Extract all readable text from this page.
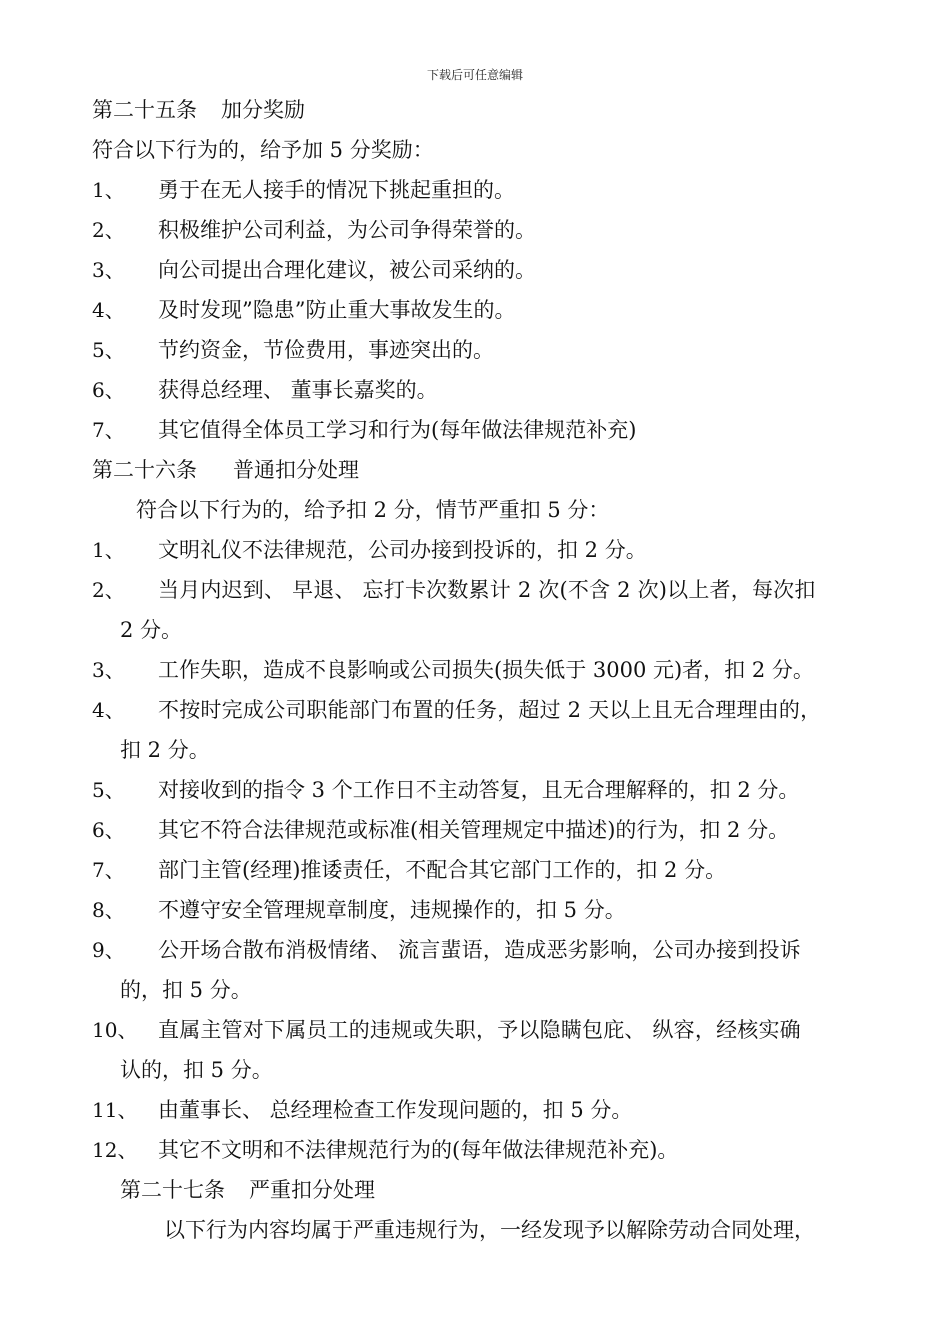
下载后可任意编辑
第二十五条 加分奖励
符合以下行为的，给予加 5 分奖励：
1、	勇于在无人接手的情况下挑起重担的。
2、	积极维护公司利益，为公司争得荣誉的。
3、	向公司提出合理化建议，被公司采纳的。
4、	及时发现”隐患”防止重大事故发生的。
5、	节约资金，节俭费用，事迹突出的。
6、	获得总经理、 董事长嘉奖的。
7、	其它值得全体员工学习和行为(每年做法律规范补充)
第二十六条 普通扣分处理
符合以下行为的，给予扣 2 分，情节严重扣 5 分：
1、	文明礼仪不法律规范，公司办接到投诉的，扣 2 分。
2、	当月内迟到、 早退、 忘打卡次数累计 2 次(不含 2 次)以上者，每次扣
2 分。
3、	工作失职，造成不良影响或公司损失(损失低于 3000 元)者，扣 2 分。
4、	不按时完成公司职能部门布置的任务，超过 2 天以上且无合理理由的，
扣 2 分。
5、	对接收到的指令 3 个工作日不主动答复，且无合理解释的，扣 2 分。
6、	其它不符合法律规范或标准(相关管理规定中描述)的行为，扣 2 分。
7、	部门主管(经理)推诿责任，不配合其它部门工作的，扣 2 分。
8、	不遵守安全管理规章制度，违规操作的，扣 5 分。
9、	公开场合散布消极情绪、 流言蜚语，造成恶劣影响，公司办接到投诉
的，扣 5 分。
10、 直属主管对下属员工的违规或失职，予以隐瞒包庇、 纵容，经核实确
认的，扣 5 分。
11、 由董事长、 总经理检查工作发现问题的，扣 5 分。
12、 其它不文明和不法律规范行为的(每年做法律规范补充)。
第二十七条 严重扣分处理
以下行为内容均属于严重违规行为，一经发现予以解除劳动合同处理，
